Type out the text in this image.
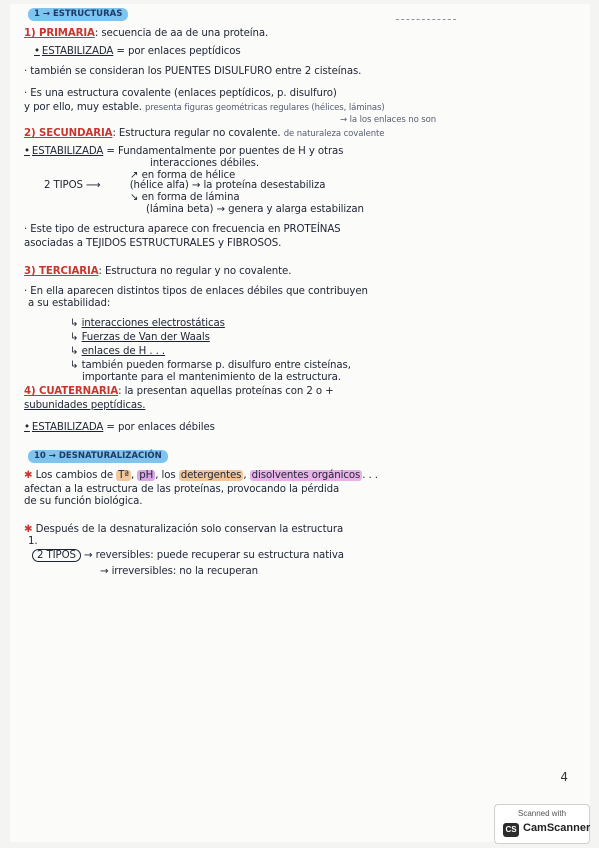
1 → ESTRUCTURAS
1) PRIMARIA: secuencia de aa de una proteína.
• ESTABILIZADA = por enlaces peptídicos
· también se consideran los PUENTES DISULFURO entre 2 cisteínas.
· Es una estructura covalente (enlaces peptídicos, p. disulfuro)
y por ello, muy estable. presenta figuras geométricas regulares (hélices, láminas)
→ la los enlaces no son
2) SECUNDARIA: Estructura regular no covalente. de naturaleza covalente
• ESTABILIZADA = Fundamentalmente por puentes de H y otras
interacciones débiles.
↗ en forma de hélice
2 TIPOS ⟶	(hélice alfa) → la proteína desestabiliza
↘ en forma de lámina
(lámina beta) → genera y alarga estabilizan
· Este tipo de estructura aparece con frecuencia en PROTEÍNAS
asociadas a TEJIDOS ESTRUCTURALES y FIBROSOS.
3) TERCIARIA: Estructura no regular y no covalente.
· En ella aparecen distintos tipos de enlaces débiles que contribuyen
a su estabilidad:
↳ interacciones electrostáticas
↳ Fuerzas de Van der Waals
↳ enlaces de H . . .
↳ también pueden formarse p. disulfuro entre cisteínas,
importante para el mantenimiento de la estructura.
4) CUATERNARIA: la presentan aquellas proteínas con 2 o +
subunidades peptídicas.
• ESTABILIZADA = por enlaces débiles
10 → DESNATURALIZACIÓN
✱ Los cambios de Tª , pH , los detergentes , disolventes orgánicos . . .
afectan a la estructura de las proteínas, provocando la pérdida
de su función biológica.
✱ Después de la desnaturalización solo conservan la estructura
1.
2 TIPOS → reversibles: puede recuperar su estructura nativa
→ irreversibles: no la recuperan
4
Scanned with
CS CamScanner
